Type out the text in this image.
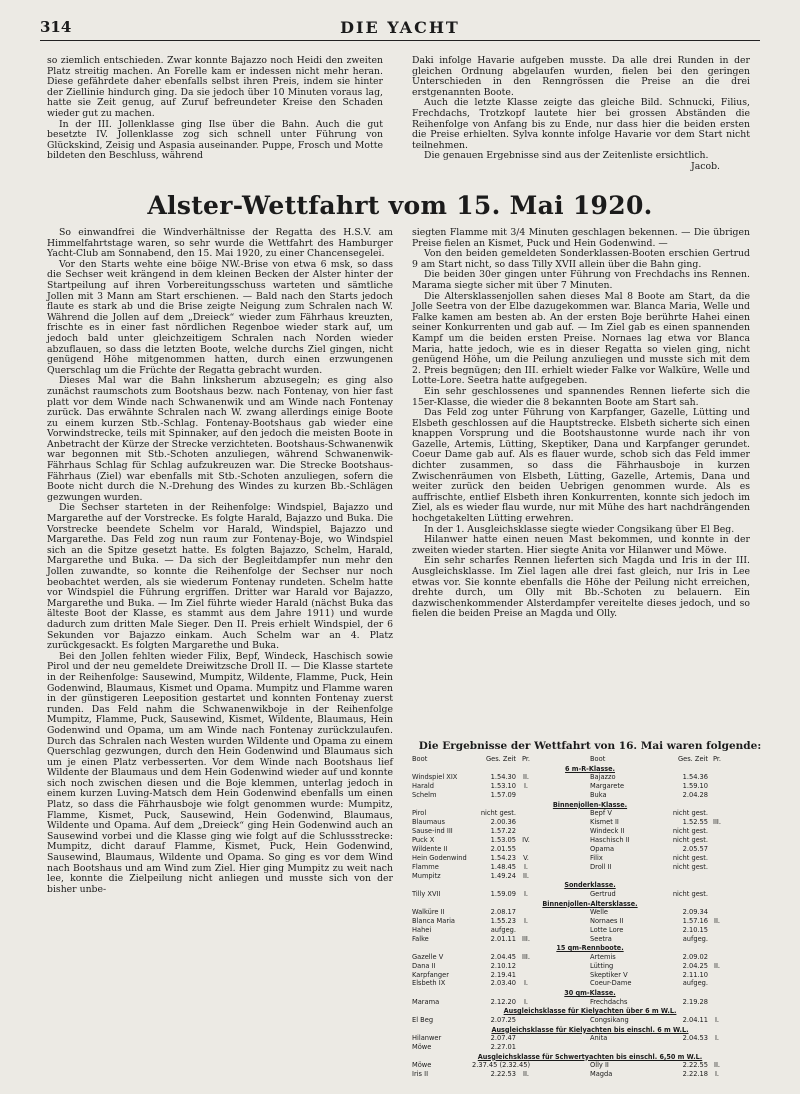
314	DIE YACHT

so ziemlich entschieden. Zwar konnte Bajazzo noch Heidi den zweiten Platz streitig machen. An Forelle kam er indessen nicht mehr heran. Diese gefährdete daher ebenfalls selbst ihren Preis, indem sie hinter der Ziellinie hindurch ging. Da sie jedoch über 10 Minuten voraus lag, hatte sie Zeit genug, auf Zuruf befreundeter Kreise den Schaden wieder gut zu machen.

In der III. Jollenklasse ging Ilse über die Bahn. Auch die gut besetzte IV. Jollenklasse zog sich schnell unter Führung von Glückskind, Zeisig und Aspasia auseinander. Puppe, Frosch und Motte bildeten den Beschluss, während

Daki infolge Havarie aufgeben musste. Da alle drei Runden in der gleichen Ordnung abgelaufen wurden, fielen bei den geringen Unterschieden in den Renngrössen die Preise an die drei erstgenannten Boote.

Auch die letzte Klasse zeigte das gleiche Bild. Schnucki, Filius, Frechdachs, Trotzkopf lautete hier bei grossen Abständen die Reihenfolge von Anfang bis zu Ende, nur dass hier die beiden ersten die Preise erhielten. Sylva konnte infolge Havarie vor dem Start nicht teilnehmen.

Die genauen Ergebnisse sind aus der Zeitenliste ersichtlich.

Jacob.

Alster-Wettfahrt vom 15. Mai 1920.

So einwandfrei die Windverhältnisse der Regatta des H.S.V. am Himmelfahrtstage waren, so sehr wurde die Wettfahrt des Hamburger Yacht-Club am Sonnabend, den 15. Mai 1920, zu einer Chancensegelei.

Vor den Starts wehte eine böige NW.-Brise von etwa 6 msk, so dass die Sechser weit krängend in dem kleinen Becken der Alster hinter der Startpeilung auf ihren Vorbereitungsschuss warteten und sämtliche Jollen mit 3 Mann am Start erschienen. — Bald nach den Starts jedoch flaute es stark ab und die Brise zeigte Neigung zum Schralen nach W. Während die Jollen auf dem „Dreieck“ wieder zum Fährhaus kreuzten, frischte es in einer fast nördlichen Regenboe wieder stark auf, um jedoch bald unter gleichzeitigem Schralen nach Norden wieder abzuflauen, so dass die letzten Boote, welche durchs Ziel gingen, nicht genügend Höhe mitgenommen hatten, durch einen erzwungenen Querschlag um die Früchte der Regatta gebracht wurden.

Dieses Mal war die Bahn linksherum abzusegeln; es ging also zunächst raumschots zum Bootshaus bezw. nach Fontenay, von hier fast platt vor dem Winde nach Schwanenwik und am Winde nach Fontenay zurück. Das erwähnte Schralen nach W. zwang allerdings einige Boote zu einem kurzen Stb.-Schlag. Fontenay-Bootshaus gab wieder eine Vorwindstrecke, teils mit Spinnaker, auf den jedoch die meisten Boote in Anbetracht der Kürze der Strecke verzichteten. Bootshaus-Schwanenwik war begonnen mit Stb.-Schoten anzuliegen, während Schwanenwik-Fährhaus Schlag für Schlag aufzukreuzen war. Die Strecke Bootshaus-Fährhaus (Ziel) war ebenfalls mit Stb.-Schoten anzuliegen, sofern die Boote nicht durch die N.-Drehung des Windes zu kurzen Bb.-Schlägen gezwungen wurden.

Die Sechser starteten in der Reihenfolge: Windspiel, Bajazzo und Margarethe auf der Vorstrecke. Es folgte Harald, Bajazzo und Buka. Die Vorstrecke beendete Schelm vor Harald, Windspiel, Bajazzo und Margarethe. Das Feld zog nun raum zur Fontenay-Boje, wo Windspiel sich an die Spitze gesetzt hatte. Es folgten Bajazzo, Schelm, Harald, Margarethe und Buka. — Da sich der Begleitdampfer nun mehr den Jollen zuwandte, so konnte die Reihenfolge der Sechser nur noch beobachtet werden, als sie wiederum Fontenay rundeten. Schelm hatte vor Windspiel die Führung ergriffen. Dritter war Harald vor Bajazzo, Margarethe und Buka. — Im Ziel führte wieder Harald (nächst Buka das älteste Boot der Klasse, es stammt aus dem Jahre 1911) und wurde dadurch zum dritten Male Sieger. Den II. Preis erhielt Windspiel, der 6 Sekunden vor Bajazzo einkam. Auch Schelm war an 4. Platz zurückgesackt. Es folgten Margarethe und Buka.

Bei den Jollen fehlten wieder Filix, Bepf, Windeck, Haschisch sowie Pirol und der neu gemeldete Dreiwitzsche Droll II. — Die Klasse startete in der Reihenfolge: Sausewind, Mumpitz, Wildente, Flamme, Puck, Hein Godenwind, Blaumaus, Kismet und Opama. Mumpitz und Flamme waren in der günstigeren Leeposition gestartet und konnten Fontenay zuerst runden. Das Feld nahm die Schwanenwikboje in der Reihenfolge Mumpitz, Flamme, Puck, Sausewind, Kismet, Wildente, Blaumaus, Hein Godenwind und Opama, um am Winde nach Fontenay zurückzulaufen. Durch das Schralen nach Westen wurden Wildente und Opama zu einem Querschlag gezwungen, durch den Hein Godenwind und Blaumaus sich um je einen Platz verbesserten. Vor dem Winde nach Bootshaus lief Wildente der Blaumaus und dem Hein Godenwind wieder auf und konnte sich noch zwischen diesen und die Boje klemmen, unterlag jedoch in einem kurzen Luving-Matsch dem Hein Godenwind ebenfalls um einen Platz, so dass die Fährhausboje wie folgt genommen wurde: Mumpitz, Flamme, Kismet, Puck, Sausewind, Hein Godenwind, Blaumaus, Wildente und Opama. Auf dem „Dreieck“ ging Hein Godenwind auch an Sausewind vorbei und die Klasse ging wie folgt auf die Schlussstrecke: Mumpitz, dicht darauf Flamme, Kismet, Puck, Hein Godenwind, Sausewind, Blaumaus, Wildente und Opama. So ging es vor dem Wind nach Bootshaus und am Wind zum Ziel. Hier ging Mumpitz zu weit nach lee, konnte die Zielpeilung nicht anliegen und musste sich von der bisher unbe-

siegten Flamme mit 3/4 Minuten geschlagen bekennen. — Die übrigen Preise fielen an Kismet, Puck und Hein Godenwind. —

Von den beiden gemeldeten Sonderklassen-Booten erschien Gertrud 9 am Start nicht, so dass Tilly XVII allein über die Bahn ging.

Die beiden 30er gingen unter Führung von Frechdachs ins Rennen. Marama siegte sicher mit über 7 Minuten.

Die Altersklassenjollen sahen dieses Mal 8 Boote am Start, da die Jolle Seetra von der Elbe dazugekommen war. Blanca Maria, Welle und Falke kamen am besten ab. An der ersten Boje berührte Hahei einen seiner Konkurrenten und gab auf. — Im Ziel gab es einen spannenden Kampf um die beiden ersten Preise. Nornaes lag etwa vor Blanca Maria, hatte jedoch, wie es in dieser Regatta so vielen ging, nicht genügend Höhe, um die Peilung anzuliegen und musste sich mit dem 2. Preis begnügen; den III. erhielt wieder Falke vor Walküre, Welle und Lotte-Lore. Seetra hatte aufgegeben.

Ein sehr geschlossenes und spannendes Rennen lieferte sich die 15er-Klasse, die wieder die 8 bekannten Boote am Start sah.

Das Feld zog unter Führung von Karpfanger, Gazelle, Lütting und Elsbeth geschlossen auf die Hauptstrecke. Elsbeth sicherte sich einen knappen Vorsprung und die Bootshaustonne wurde nach ihr von Gazelle, Artemis, Lütting, Skeptiker, Dana und Karpfanger gerundet. Coeur Dame gab auf. Als es flauer wurde, schob sich das Feld immer dichter zusammen, so dass die Fährhausboje in kurzen Zwischenräumen von Elsbeth, Lütting, Gazelle, Artemis, Dana und weiter zurück den beiden Uebrigen genommen wurde. Als es auffrischte, entlief Elsbeth ihren Konkurrenten, konnte sich jedoch im Ziel, als es wieder flau wurde, nur mit Mühe des hart nachdrängenden hochgetakelten Lütting erwehren.

In der 1. Ausgleichsklasse siegte wieder Congsikang über El Beg.

Hilanwer hatte einen neuen Mast bekommen, und konnte in der zweiten wieder starten. Hier siegte Anita vor Hilanwer und Möwe.

Ein sehr scharfes Rennen lieferten sich Magda und Iris in der III. Ausgleichsklasse. Im Ziel lagen alle drei fast gleich, nur Iris in Lee etwas vor. Sie konnte ebenfalls die Höhe der Peilung nicht erreichen, drehte durch, um Olly mit Bb.-Schoten zu belauern. Ein dazwischenkommender Alsterdampfer vereitelte dieses jedoch, und so fielen die beiden Preise an Magda und Olly.

Die Ergebnisse der Wettfahrt von 16. Mai waren folgende:
Boot	Ges. Zeit Pr.	Boot	Ges. Zeit Pr.
6 m-R-Klasse.
Windspiel XIX	1.54.30 II.	Bajazzo	1.54.36
Harald	1.53.10	I.	Margarete	1.59.10
Schelm	1.57.09	Buka	2.04.28
Binnenjollen-Klasse.
Pirol	nicht gest.	Bepf V	nicht gest.
Blaumaus	2.00.36	Kismet II	1.52.55 III.
Sause-ind III	1.57.22	Windeck II	nicht gest.
Puck X	1.53.05 IV.	Haschisch II	nicht gest.
Wildente II	2.01.55	Opama	2.05.57
Hein Godenwind	1.54.23 V.	Filix	nicht gest.
Flamme	1.48.45	I.	Droll II	nicht gest.
Mumpitz	1.49.24 II.
Sonderklasse.
Tilly XVII	1.59.09	I.	Gertrud	nicht gest.
Binnenjollen-Altersklasse.
Walküre II	2.08.17	Welle	2.09.34
Blanca Maria	1.55.23	I.	Nornaes II	1.57.16 II.
Hahei	aufgeg.	Lotte Lore	2.10.15
Falke	2.01.11 III.	Seetra	aufgeg.
15 qm-Rennboote.
Gazelle V	2.04.45 III.	Artemis	2.09.02
Dana II	2.10.12	Lütting	2.04.25 II.
Karpfanger	2.19.41	Skeptiker V	2.11.10
Elsbeth IX	2.03.40	I.	Coeur-Dame	aufgeg.
30 qm-Klasse.
Marama	2.12.20	I.	Frechdachs	2.19.28
Ausgleichsklasse für Kielyachten über 6 m W.L.
El Beg	2.07.25	Congsikang	2.04.11 I.
Ausgleichsklasse für Kielyachten bis einschl. 6 m W.L.
Hilanwer	2.07.47	Anita	2.04.53 I.
Möwe	2.27.01
Ausgleichsklasse für Schwertyachten bis einschl. 6,50 m W.L.
Möwe	2.37.45 (2.32.45)	Olly II	2.22.55 II.
Iris II	2.22.53 II.	Magda	2.22.18 I.
